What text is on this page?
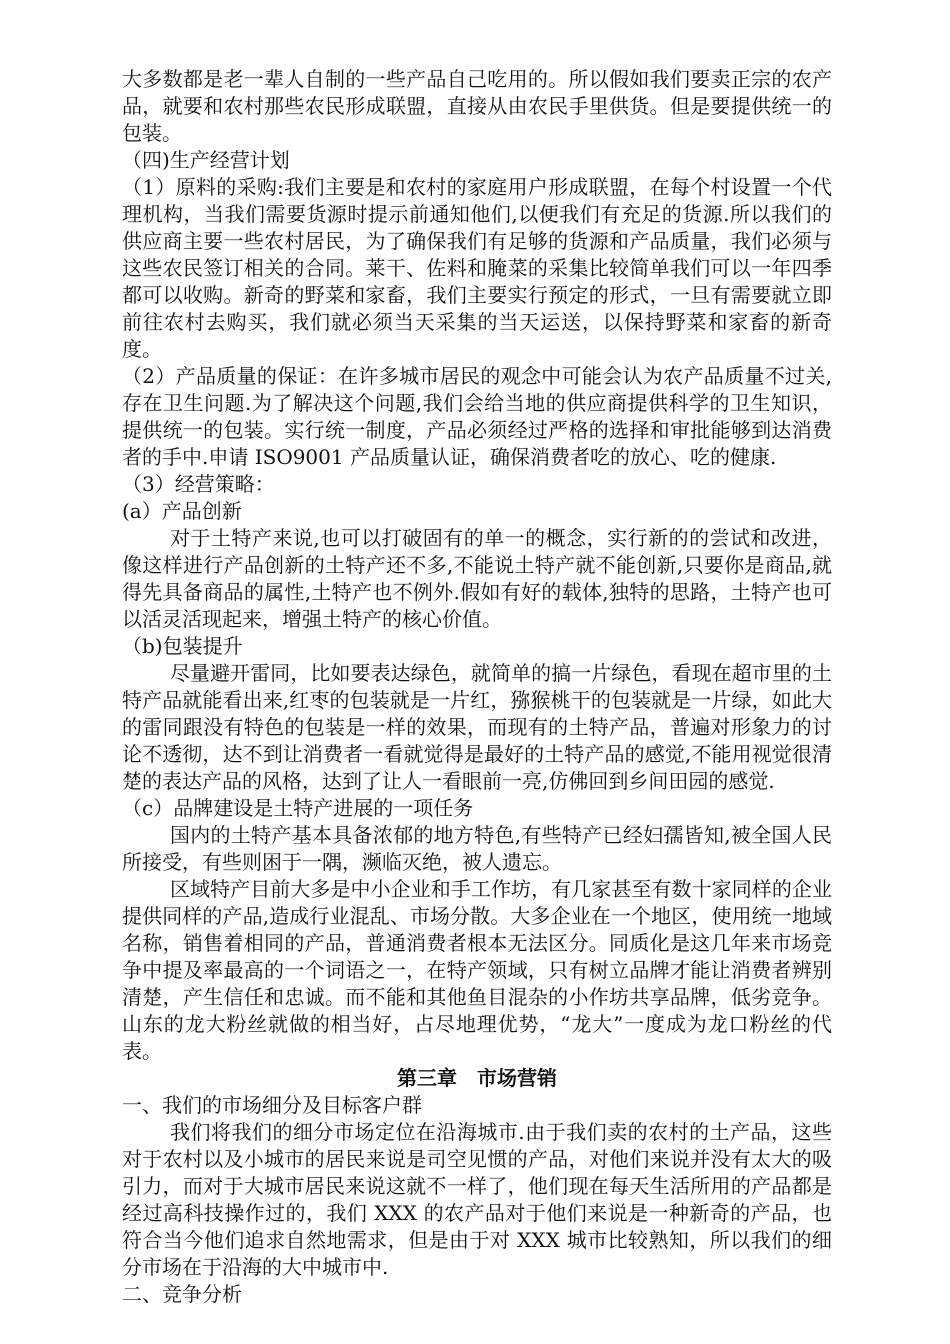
大多数都是老一辈人自制的一些产品自己吃用的。所以假如我们要卖正宗的农产品，就要和农村那些农民形成联盟，直接从由农民手里供货。但是要提供统一的包装。

（四)生产经营计划

（1）原料的采购:我们主要是和农村的家庭用户形成联盟，在每个村设置一个代理机构，当我们需要货源时提示前通知他们,以便我们有充足的货源.所以我们的供应商主要一些农村居民，为了确保我们有足够的货源和产品质量，我们必须与这些农民签订相关的合同。莱干、佐料和腌菜的采集比较简单我们可以一年四季都可以收购。新奇的野菜和家畜，我们主要实行预定的形式，一旦有需要就立即前往农村去购买，我们就必须当天采集的当天运送，以保持野菜和家畜的新奇度。

（2）产品质量的保证：在许多城市居民的观念中可能会认为农产品质量不过关,存在卫生问题.为了解决这个问题,我们会给当地的供应商提供科学的卫生知识，提供统一的包装。实行统一制度，产品必须经过严格的选择和审批能够到达消费者的手中.申请 ISO9001 产品质量认证，确保消费者吃的放心、吃的健康.

（3）经营策略：

(a）产品创新

对于土特产来说,也可以打破固有的单一的概念，实行新的的尝试和改进，像这样进行产品创新的土特产还不多,不能说土特产就不能创新,只要你是商品,就得先具备商品的属性,土特产也不例外.假如有好的载体,独特的思路，土特产也可以活灵活现起来，增强土特产的核心价值。

（b)包装提升

尽量避开雷同，比如要表达绿色，就简单的搞一片绿色，看现在超市里的土特产品就能看出来,红枣的包装就是一片红，猕猴桃干的包装就是一片绿，如此大的雷同跟没有特色的包装是一样的效果，而现有的土特产品，普遍对形象力的讨论不透彻，达不到让消费者一看就觉得是最好的土特产品的感觉,不能用视觉很清楚的表达产品的风格，达到了让人一看眼前一亮,仿佛回到乡间田园的感觉.

（c）品牌建设是土特产进展的一项任务

国内的土特产基本具备浓郁的地方特色,有些特产已经妇孺皆知,被全国人民所接受，有些则困于一隅，濒临灭绝，被人遗忘。

区域特产目前大多是中小企业和手工作坊，有几家甚至有数十家同样的企业提供同样的产品,造成行业混乱、市场分散。大多企业在一个地区，使用统一地域名称，销售着相同的产品，普通消费者根本无法区分。同质化是这几年来市场竞争中提及率最高的一个词语之一，在特产领域，只有树立品牌才能让消费者辨别清楚，产生信任和忠诚。而不能和其他鱼目混杂的小作坊共享品牌，低劣竞争。山东的龙大粉丝就做的相当好，占尽地理优势，“龙大”一度成为龙口粉丝的代表。

第三章　市场营销

一、我们的市场细分及目标客户群

我们将我们的细分市场定位在沿海城市.由于我们卖的农村的土产品，这些对于农村以及小城市的居民来说是司空见惯的产品，对他们来说并没有太大的吸引力，而对于大城市居民来说这就不一样了，他们现在每天生活所用的产品都是经过高科技操作过的，我们 XXX 的农产品对于他们来说是一种新奇的产品，也符合当今他们追求自然地需求，但是由于对 XXX 城市比较熟知，所以我们的细分市场在于沿海的大中城市中.

二、竞争分析
